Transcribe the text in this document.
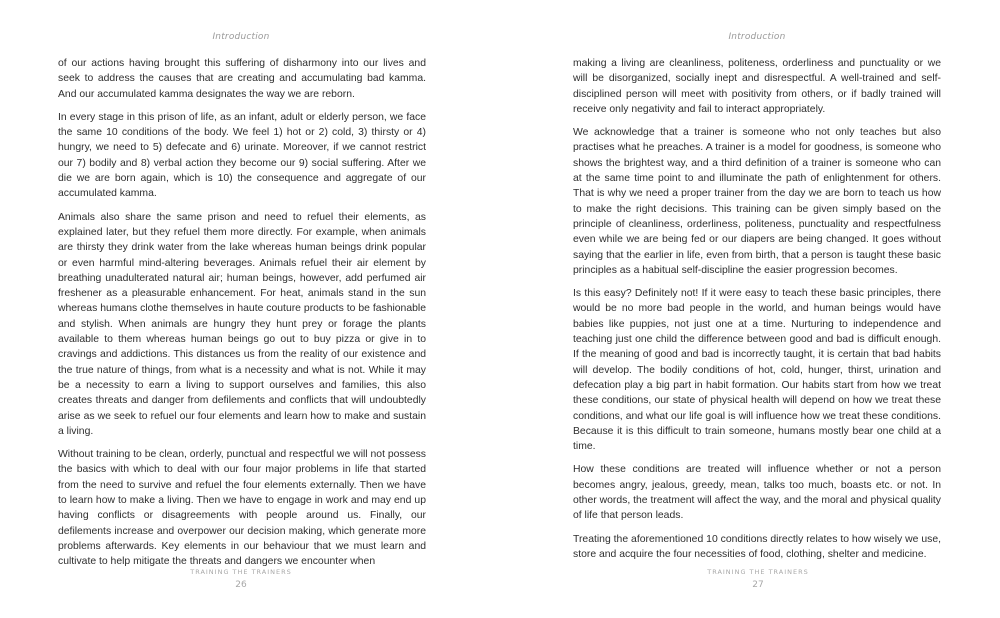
Introduction

of our actions having brought this suffering of disharmony into our lives and seek to address the causes that are creating and accumulating bad kamma. And our accumulated kamma designates the way we are reborn.

In every stage in this prison of life, as an infant, adult or elderly person, we face the same 10 conditions of the body. We feel 1) hot or 2) cold, 3) thirsty or 4) hungry, we need to 5) defecate and 6) urinate. Moreover, if we cannot restrict our 7) bodily and 8) verbal action they become our 9) social suffering. After we die we are born again, which is 10) the consequence and aggregate of our accumulated kamma.

Animals also share the same prison and need to refuel their elements, as explained later, but they refuel them more directly. For example, when animals are thirsty they drink water from the lake whereas human beings drink popular or even harmful mind-altering beverages. Animals refuel their air element by breathing unadulterated natural air; human beings, however, add perfumed air freshener as a pleasurable enhancement. For heat, animals stand in the sun whereas humans clothe themselves in haute couture products to be fashionable and stylish. When animals are hungry they hunt prey or forage the plants available to them whereas human beings go out to buy pizza or give in to cravings and addictions. This distances us from the reality of our existence and the true nature of things, from what is a necessity and what is not. While it may be a necessity to earn a living to support ourselves and families, this also creates threats and danger from defilements and conflicts that will undoubtedly arise as we seek to refuel our four elements and learn how to make and sustain a living.

Without training to be clean, orderly, punctual and respectful we will not possess the basics with which to deal with our four major problems in life that started from the need to survive and refuel the four elements externally. Then we have to learn how to make a living. Then we have to engage in work and may end up having conflicts or disagreements with people around us. Finally, our defilements increase and overpower our decision making, which generate more problems afterwards. Key elements in our behaviour that we must learn and cultivate to help mitigate the threats and dangers we encounter when

TRAINING THE TRAINERS
26
Introduction

making a living are cleanliness, politeness, orderliness and punctuality or we will be disorganized, socially inept and disrespectful. A well-trained and self-disciplined person will meet with positivity from others, or if badly trained will receive only negativity and fail to interact appropriately.

We acknowledge that a trainer is someone who not only teaches but also practises what he preaches. A trainer is a model for goodness, is someone who shows the brightest way, and a third definition of a trainer is someone who can at the same time point to and illuminate the path of enlightenment for others. That is why we need a proper trainer from the day we are born to teach us how to make the right decisions. This training can be given simply based on the principle of cleanliness, orderliness, politeness, punctuality and respectfulness even while we are being fed or our diapers are being changed. It goes without saying that the earlier in life, even from birth, that a person is taught these basic principles as a habitual self-discipline the easier progression becomes.

Is this easy? Definitely not! If it were easy to teach these basic principles, there would be no more bad people in the world, and human beings would have babies like puppies, not just one at a time. Nurturing to independence and teaching just one child the difference between good and bad is difficult enough. If the meaning of good and bad is incorrectly taught, it is certain that bad habits will develop. The bodily conditions of hot, cold, hunger, thirst, urination and defecation play a big part in habit formation. Our habits start from how we treat these conditions, our state of physical health will depend on how we treat these conditions, and what our life goal is will influence how we treat these conditions. Because it is this difficult to train someone, humans mostly bear one child at a time.

How these conditions are treated will influence whether or not a person becomes angry, jealous, greedy, mean, talks too much, boasts etc. or not. In other words, the treatment will affect the way, and the moral and physical quality of life that person leads.

Treating the aforementioned 10 conditions directly relates to how wisely we use, store and acquire the four necessities of food, clothing, shelter and medicine.

TRAINING THE TRAINERS
27
